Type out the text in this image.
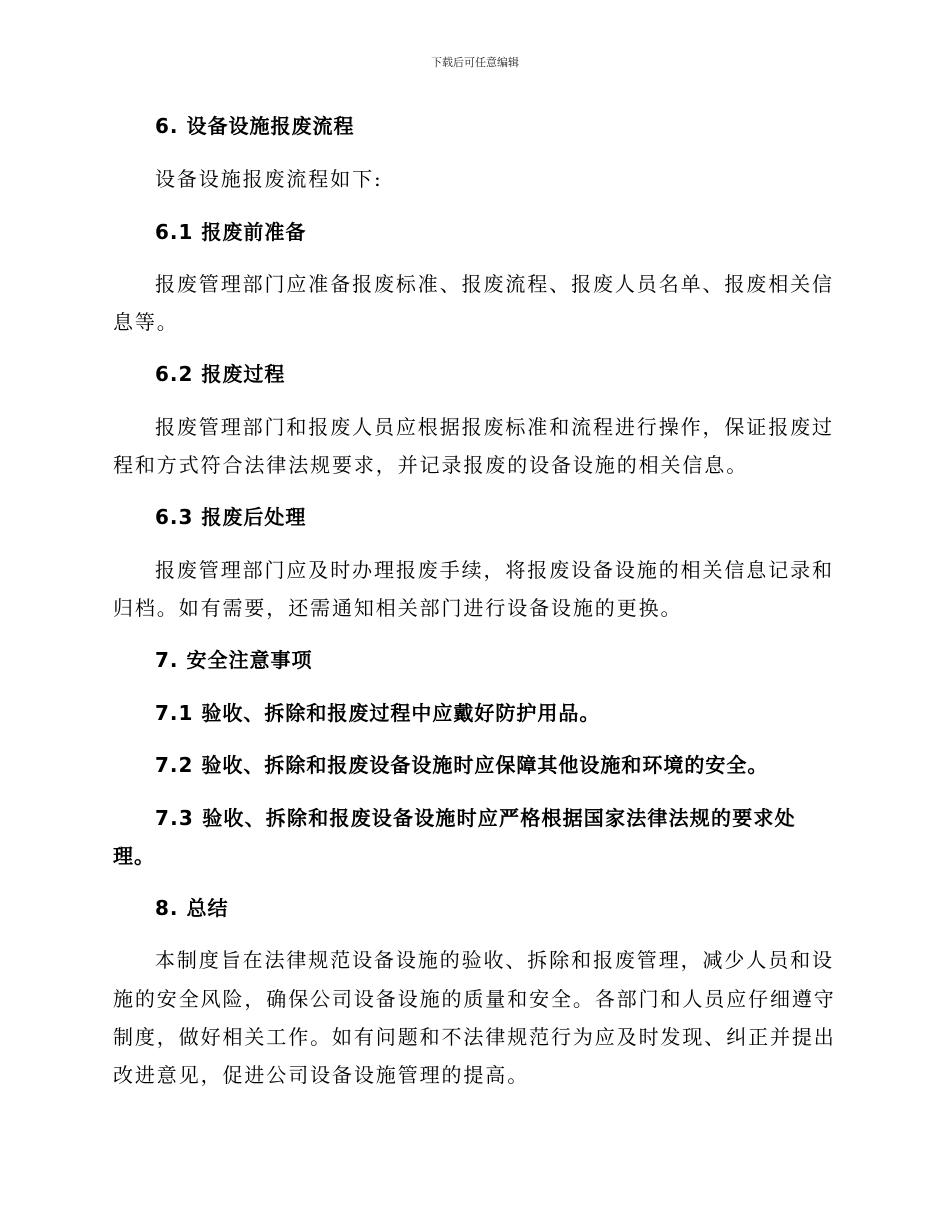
下载后可任意编辑
6. 设备设施报废流程
设备设施报废流程如下:
6.1 报废前准备
报废管理部门应准备报废标准、报废流程、报废人员名单、报废相关信
息等。
6.2 报废过程
报废管理部门和报废人员应根据报废标准和流程进行操作，保证报废过
程和方式符合法律法规要求，并记录报废的设备设施的相关信息。
6.3 报废后处理
报废管理部门应及时办理报废手续，将报废设备设施的相关信息记录和
归档。如有需要，还需通知相关部门进行设备设施的更换。
7. 安全注意事项
7.1 验收、拆除和报废过程中应戴好防护用品。
7.2 验收、拆除和报废设备设施时应保障其他设施和环境的安全。
7.3 验收、拆除和报废设备设施时应严格根据国家法律法规的要求处
理。
8. 总结
本制度旨在法律规范设备设施的验收、拆除和报废管理，减少人员和设
施的安全风险，确保公司设备设施的质量和安全。各部门和人员应仔细遵守
制度，做好相关工作。如有问题和不法律规范行为应及时发现、纠正并提出
改进意见，促进公司设备设施管理的提高。
